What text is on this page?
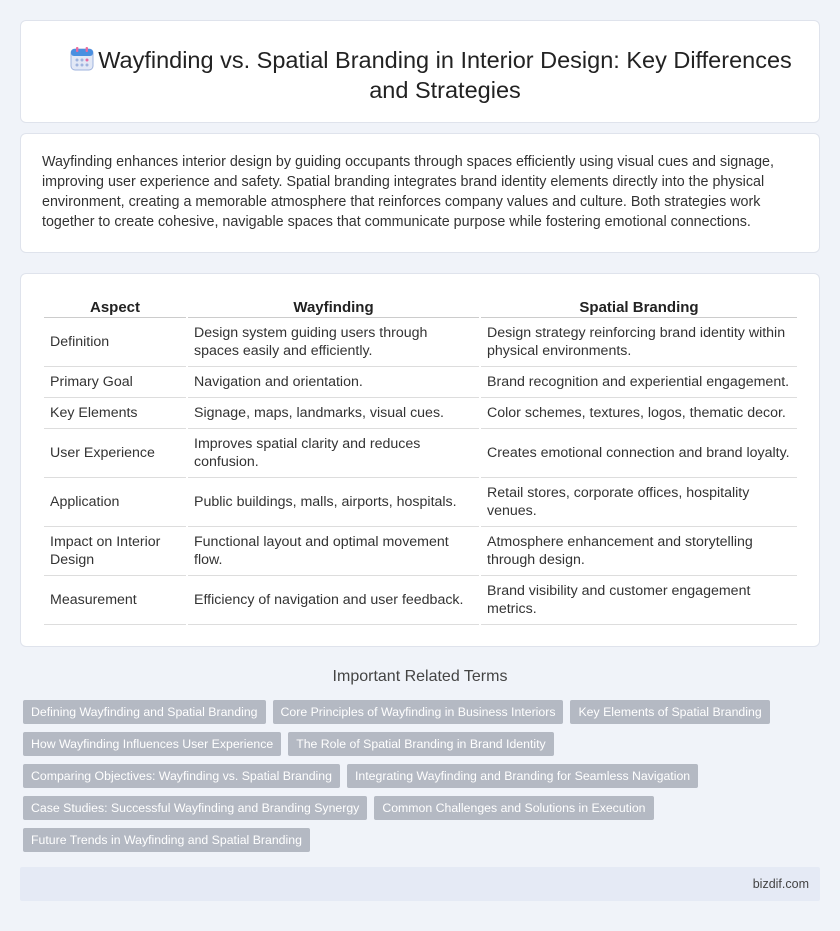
Wayfinding vs. Spatial Branding in Interior Design: Key Differences and Strategies

Wayfinding enhances interior design by guiding occupants through spaces efficiently using visual cues and signage, improving user experience and safety. Spatial branding integrates brand identity elements directly into the physical environment, creating a memorable atmosphere that reinforces company values and culture. Both strategies work together to create cohesive, navigable spaces that communicate purpose while fostering emotional connections.

Aspect	Wayfinding	Spatial Branding
Definition	Design system guiding users through spaces easily and efficiently.	Design strategy reinforcing brand identity within physical environments.
Primary Goal	Navigation and orientation.	Brand recognition and experiential engagement.
Key Elements	Signage, maps, landmarks, visual cues.	Color schemes, textures, logos, thematic decor.
User Experience	Improves spatial clarity and reduces confusion.	Creates emotional connection and brand loyalty.
Application	Public buildings, malls, airports, hospitals.	Retail stores, corporate offices, hospitality venues.
Impact on Interior Design	Functional layout and optimal movement flow.	Atmosphere enhancement and storytelling through design.
Measurement	Efficiency of navigation and user feedback.	Brand visibility and customer engagement metrics.
Important Related Terms
Defining Wayfinding and Spatial Branding	Core Principles of Wayfinding in Business Interiors	Key Elements of Spatial Branding
How Wayfinding Influences User Experience	The Role of Spatial Branding in Brand Identity
Comparing Objectives: Wayfinding vs. Spatial Branding	Integrating Wayfinding and Branding for Seamless Navigation
Case Studies: Successful Wayfinding and Branding Synergy	Common Challenges and Solutions in Execution
Future Trends in Wayfinding and Spatial Branding
bizdif.com
